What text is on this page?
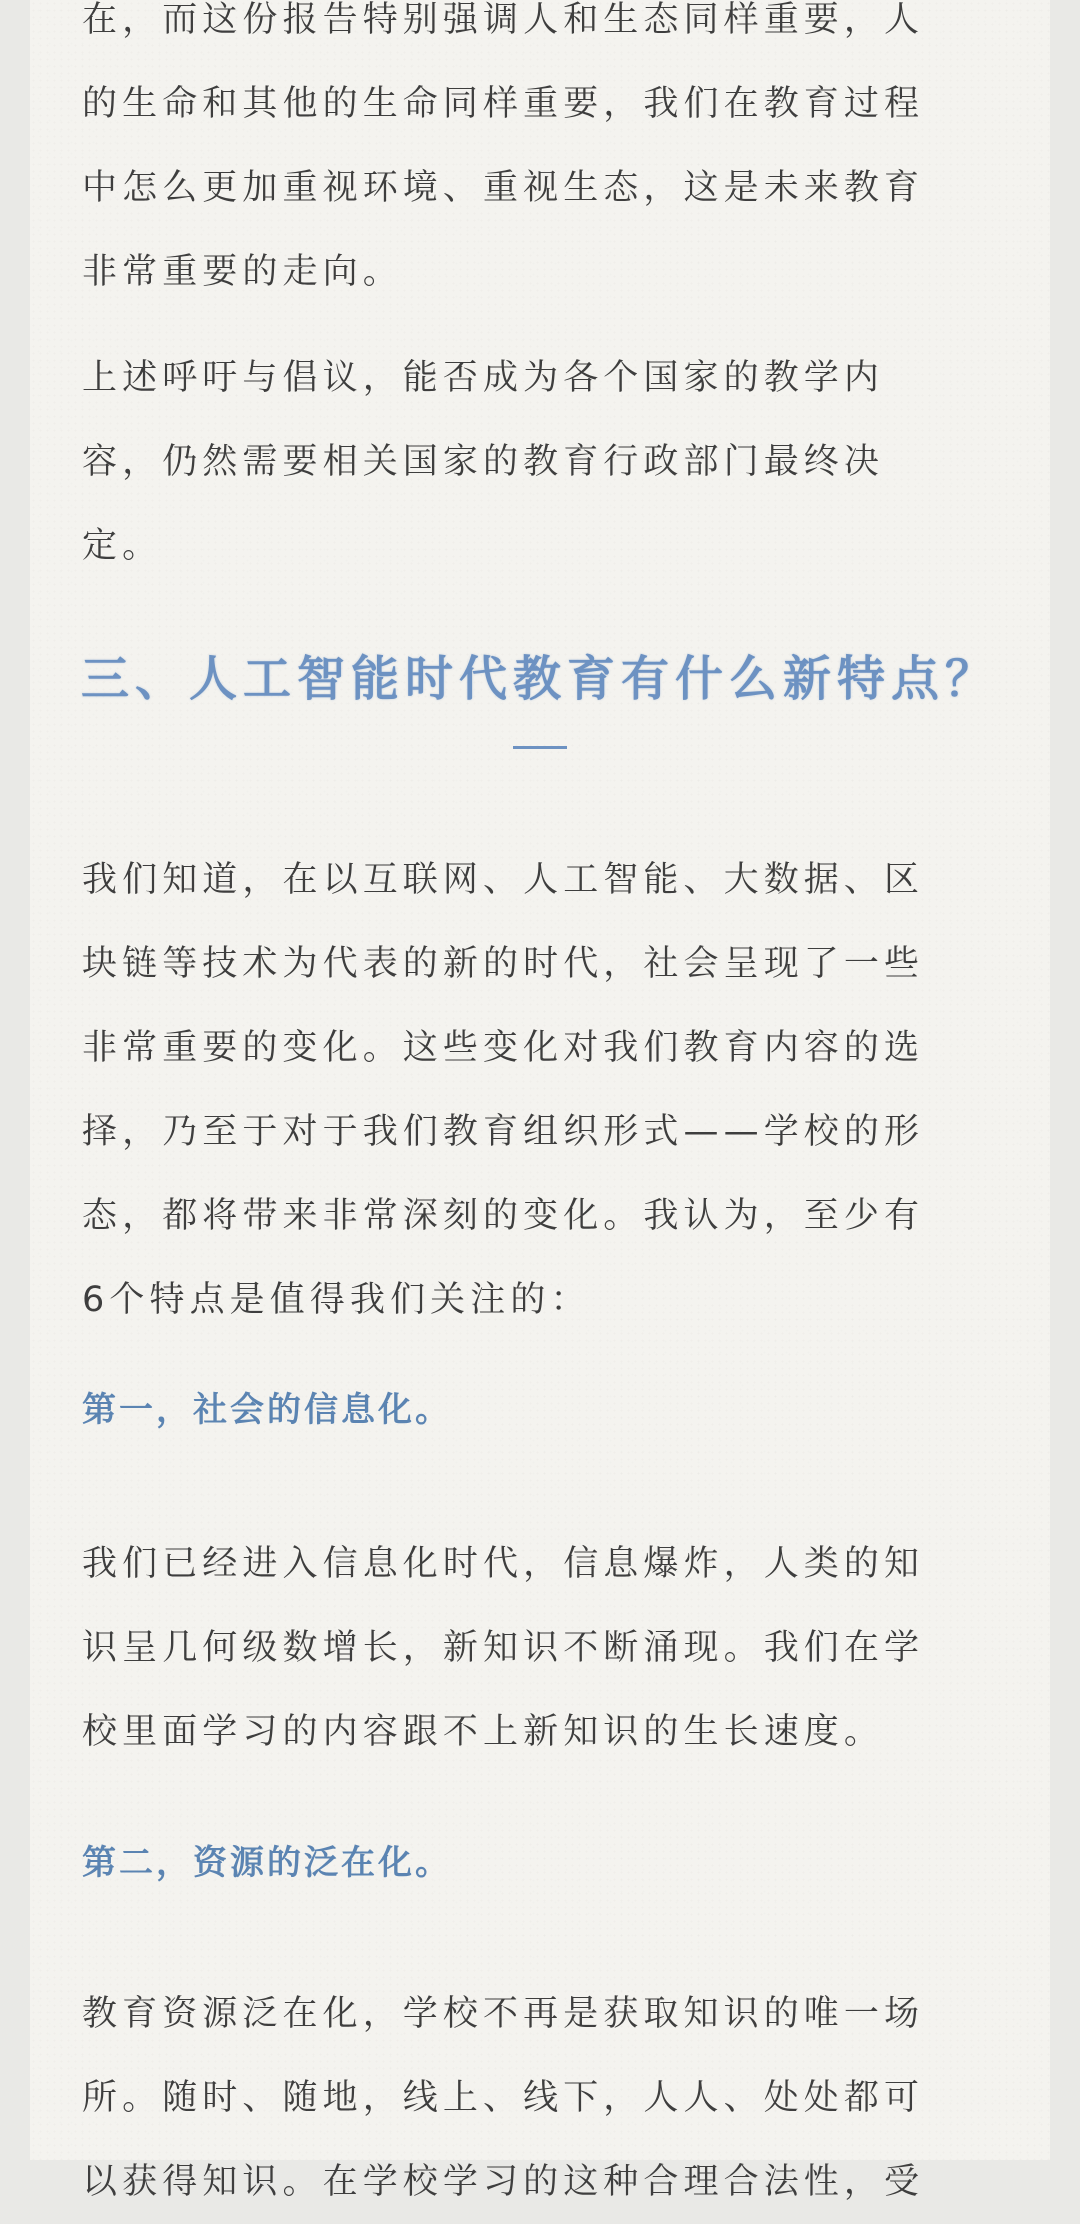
在，而这份报告特别强调人和生态同样重要，人
的生命和其他的生命同样重要，我们在教育过程
中怎么更加重视环境、重视生态，这是未来教育
非常重要的走向。

上述呼吁与倡议，能否成为各个国家的教学内
容，仍然需要相关国家的教育行政部门最终决
定。

我们知道，在以互联网、人工智能、大数据、区
块链等技术为代表的新的时代，社会呈现了一些
非常重要的变化。这些变化对我们教育内容的选
择，乃至于对于我们教育组织形式——学校的形
态，都将带来非常深刻的变化。我认为，至少有
6个特点是值得我们关注的：

第一，社会的信息化。

我们已经进入信息化时代，信息爆炸，人类的知
识呈几何级数增长，新知识不断涌现。我们在学
校里面学习的内容跟不上新知识的生长速度。

第二，资源的泛在化。

教育资源泛在化，学校不再是获取知识的唯一场
所。随时、随地，线上、线下，人人、处处都可
以获得知识。在学校学习的这种合理合法性，受

三、人工智能时代教育有什么新特点？
